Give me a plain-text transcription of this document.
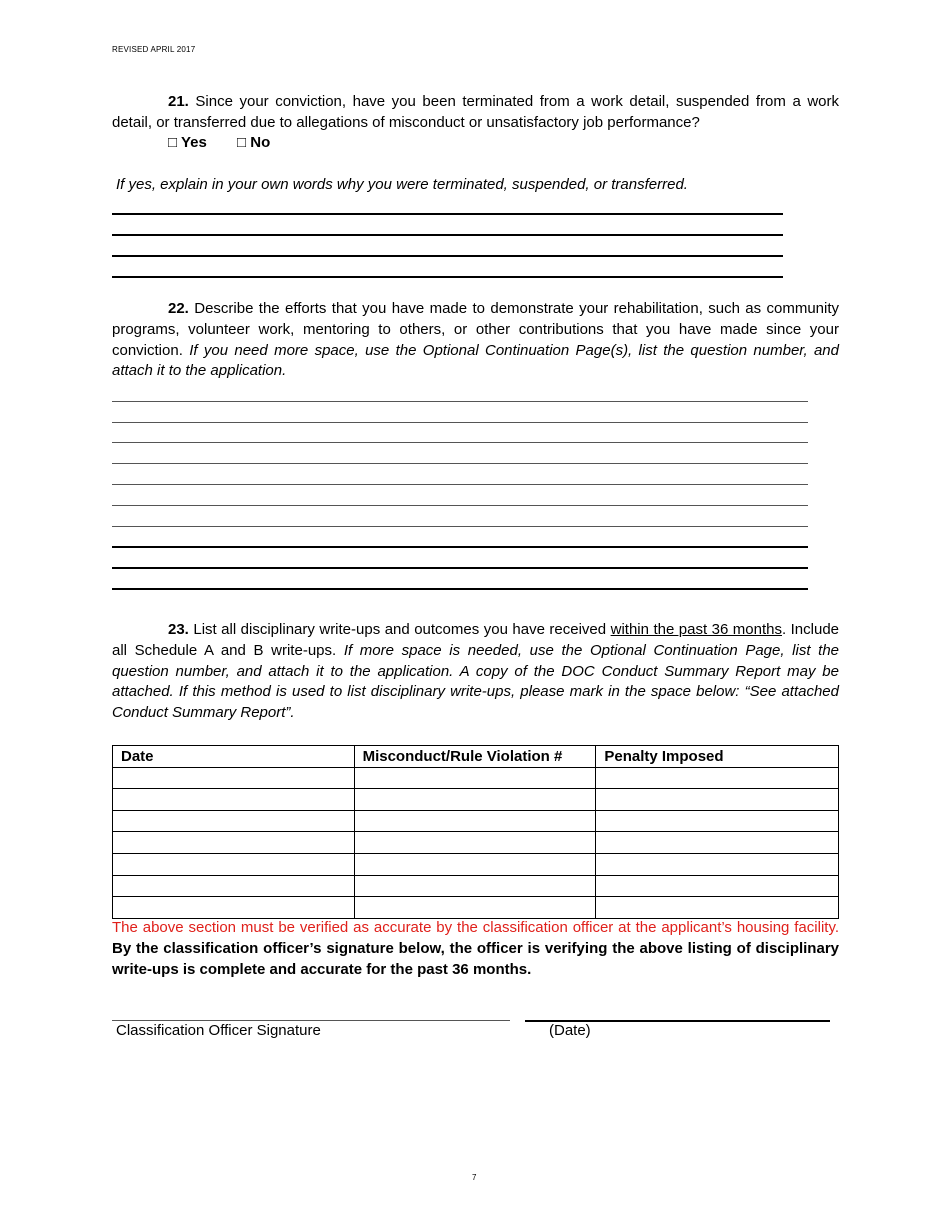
REVISED APRIL 2017

21. Since your conviction, have you been terminated from a work detail, suspended from a work detail, or transferred due to allegations of misconduct or unsatisfactory job performance?

□ Yes □ No
If yes, explain in your own words why you were terminated, suspended, or transferred.

22. Describe the efforts that you have made to demonstrate your rehabilitation, such as community programs, volunteer work, mentoring to others, or other contributions that you have made since your conviction. If you need more space, use the Optional Continuation Page(s), list the question number, and attach it to the application.

23. List all disciplinary write-ups and outcomes you have received within the past 36 months. Include all Schedule A and B write-ups. If more space is needed, use the Optional Continuation Page, list the question number, and attach it to the application. A copy of the DOC Conduct Summary Report may be attached. If this method is used to list disciplinary write-ups, please mark in the space below: “See attached Conduct Summary Report”.

Date	Misconduct/Rule Violation #	Penalty Imposed

The above section must be verified as accurate by the classification officer at the applicant’s housing facility. By the classification officer’s signature below, the officer is verifying the above listing of disciplinary write-ups is complete and accurate for the past 36 months.

Classification Officer Signature	(Date)
7
